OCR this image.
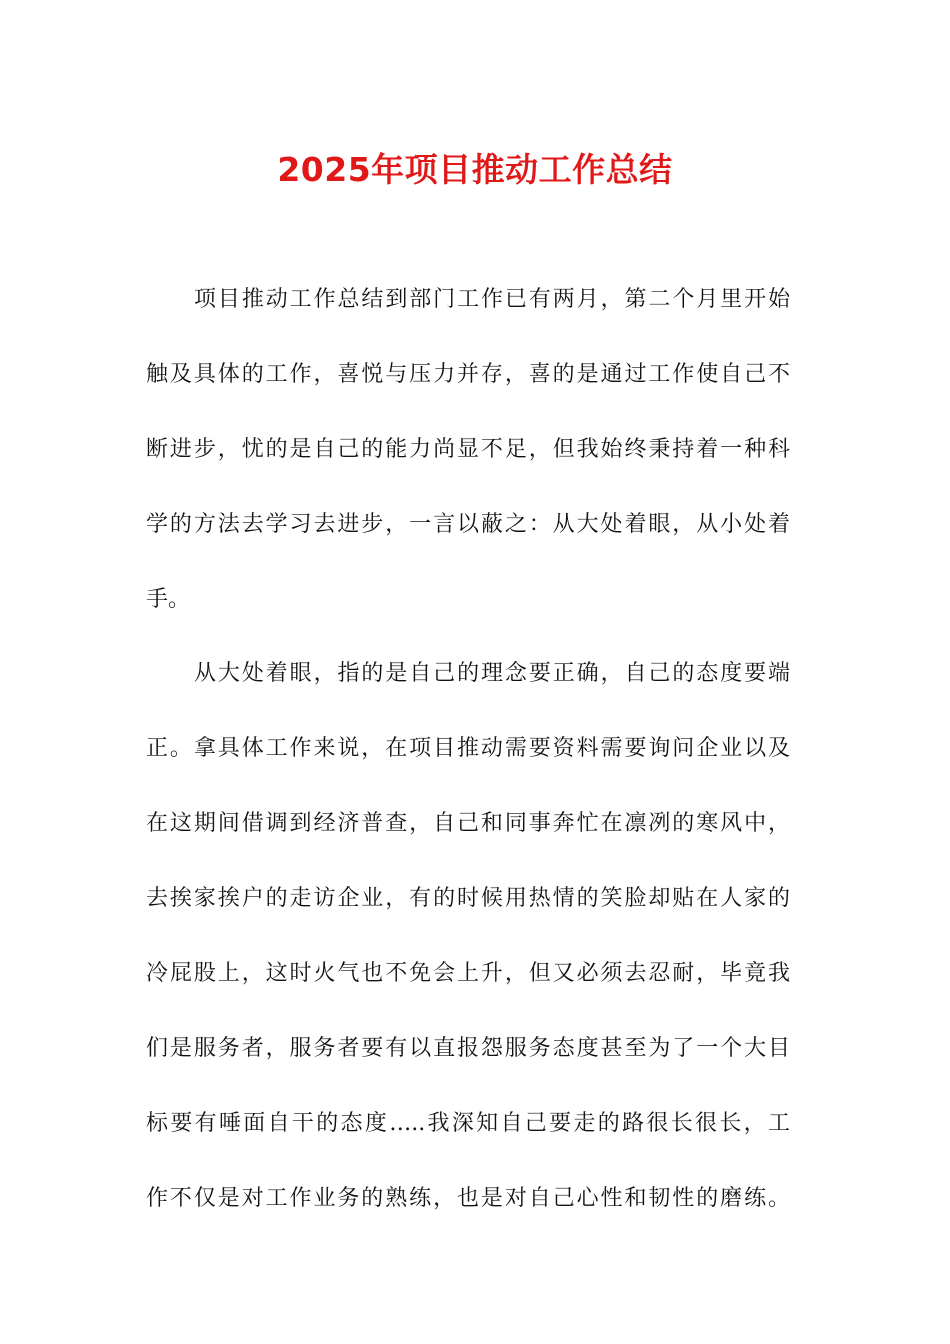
2025年项目推动工作总结
项目推动工作总结到部门工作已有两月，第二个月里开始
触及具体的工作，喜悦与压力并存，喜的是通过工作使自己不
断进步，忧的是自己的能力尚显不足，但我始终秉持着一种科
学的方法去学习去进步，一言以蔽之：从大处着眼，从小处着
手。
从大处着眼，指的是自己的理念要正确，自己的态度要端
正。拿具体工作来说，在项目推动需要资料需要询问企业以及
在这期间借调到经济普查，自己和同事奔忙在凛冽的寒风中，
去挨家挨户的走访企业，有的时候用热情的笑脸却贴在人家的
冷屁股上，这时火气也不免会上升，但又必须去忍耐，毕竟我
们是服务者，服务者要有以直报怨服务态度甚至为了一个大目
标要有唾面自干的态度…..我深知自己要走的路很长很长，工
作不仅是对工作业务的熟练，也是对自己心性和韧性的磨练。
